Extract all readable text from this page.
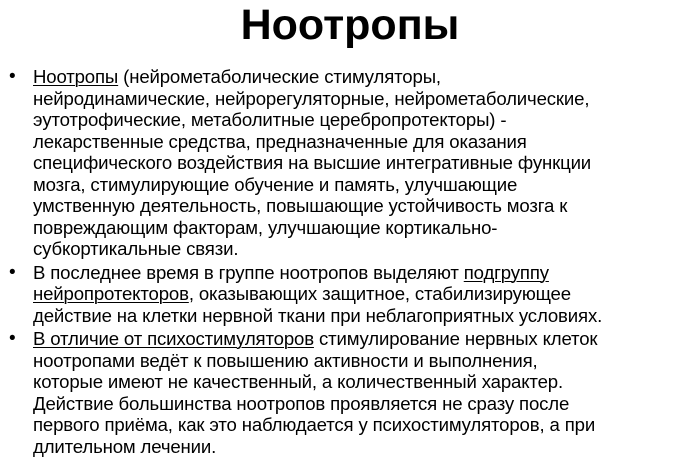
Ноотропы
• Ноотропы (нейрометаболические стимуляторы,
нейродинамические, нейрорегуляторные, нейрометаболические,
эутотрофические, метаболитные церебропротекторы) -
лекарственные средства, предназначенные для оказания
специфического воздействия на высшие интегративные функции
мозга, стимулирующие обучение и память, улучшающие
умственную деятельность, повышающие устойчивость мозга к
повреждающим факторам, улучшающие кортикально-
субкортикальные связи.
• В последнее время в группе ноотропов выделяют подгруппу
нейропротекторов, оказывающих защитное, стабилизирующее
действие на клетки нервной ткани при неблагоприятных условиях.
• В отличие от психостимуляторов стимулирование нервных клеток
ноотропами ведёт к повышению активности и выполнения,
которые имеют не качественный, а количественный характер.
Действие большинства ноотропов проявляется не сразу после
первого приёма, как это наблюдается у психостимуляторов, а при
длительном лечении.
